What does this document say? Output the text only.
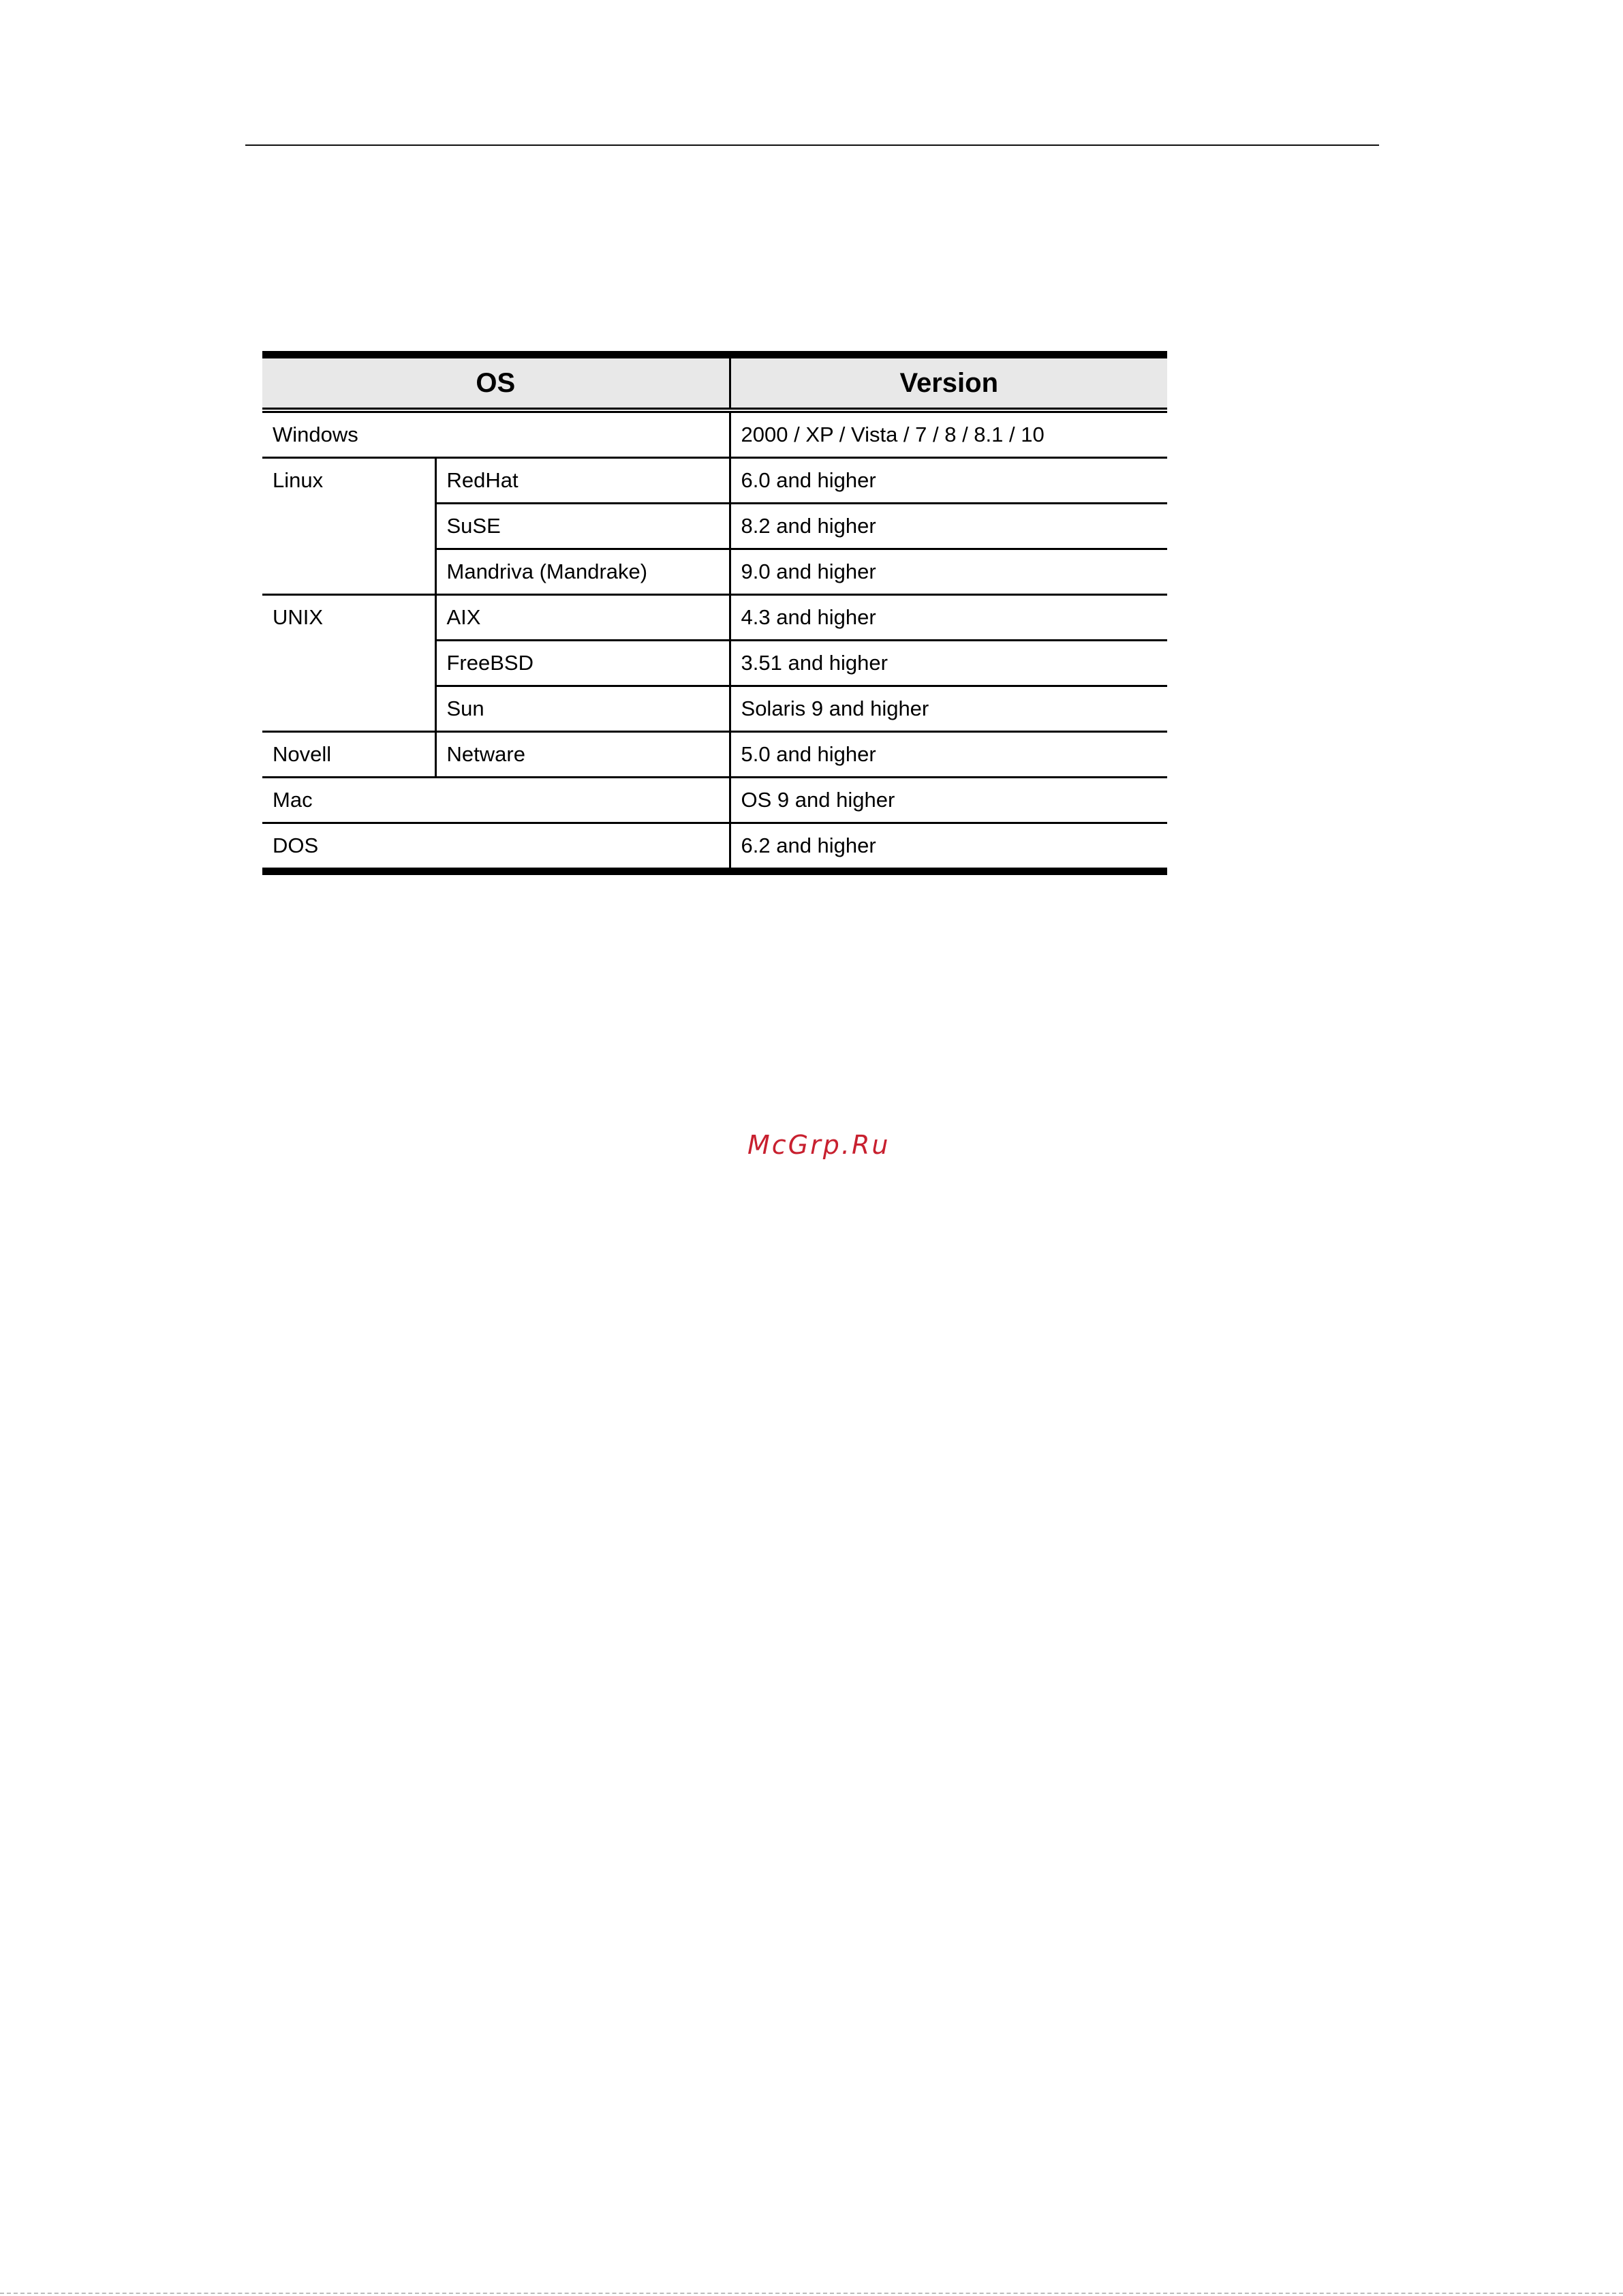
OS		Version
Windows		2000 / XP / Vista / 7 / 8 / 8.1 / 10
Linux	RedHat	6.0 and higher
	SuSE	8.2 and higher
	Mandriva (Mandrake)	9.0 and higher
UNIX	AIX	4.3 and higher
	FreeBSD	3.51 and higher
	Sun	Solaris 9 and higher
Novell	Netware	5.0 and higher
Mac		OS 9 and higher
DOS		6.2 and higher
McGrp.Ru
